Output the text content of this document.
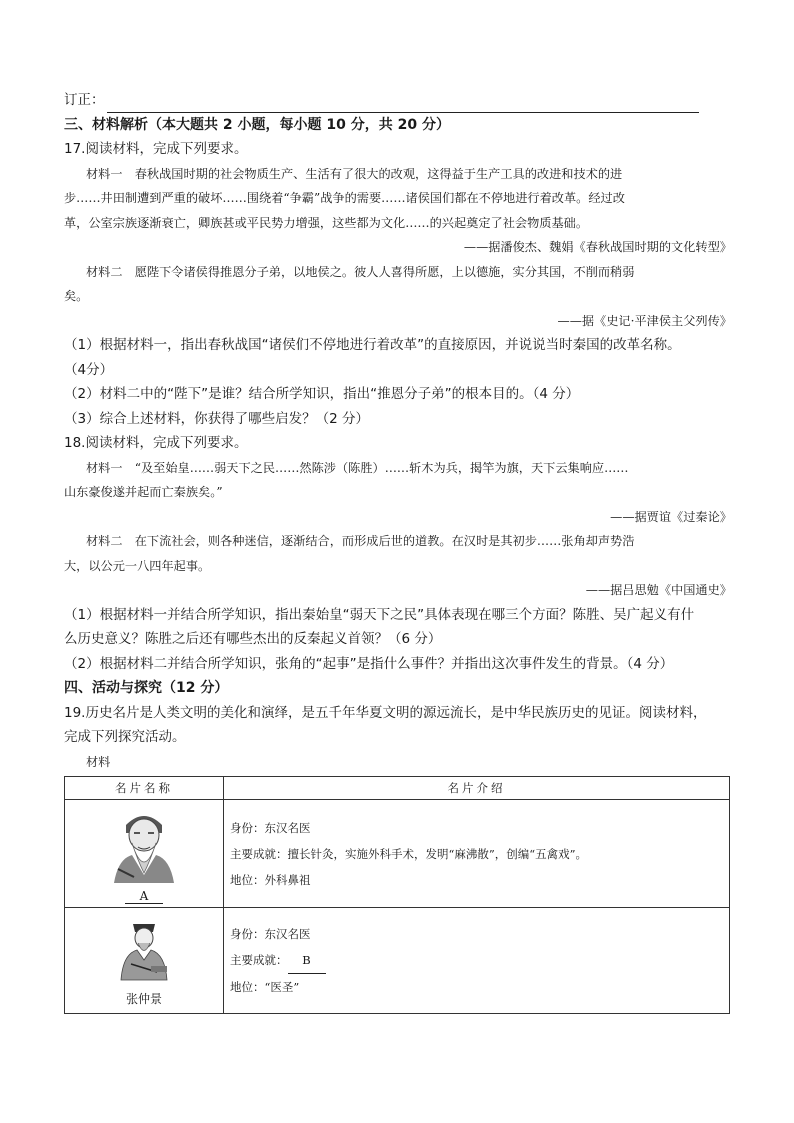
订正：
三、材料解析（本大题共 2 小题，每小题 10 分，共 20 分）
17.阅读材料，完成下列要求。
材料一　春秋战国时期的社会物质生产、生活有了很大的改观，这得益于生产工具的改进和技术的进
步……井田制遭到严重的破坏……围绕着“争霸”战争的需要……诸侯国们都在不停地进行着改革。经过改
革，公室宗族逐渐衰亡，卿族甚或平民势力增强，这些都为文化……的兴起奠定了社会物质基础。
——据潘俊杰、魏娟《春秋战国时期的文化转型》
材料二　愿陛下令诸侯得推恩分子弟，以地侯之。彼人人喜得所愿，上以德施，实分其国，不削而稍弱
矣。
——据《史记·平津侯主父列传》
（1）根据材料一，指出春秋战国“诸侯们不停地进行着改革”的直接原因，并说说当时秦国的改革名称。
（4分）
（2）材料二中的“陛下”是谁？结合所学知识，指出“推恩分子弟”的根本目的。（4 分）
（3）综合上述材料，你获得了哪些启发？（2 分）
18.阅读材料，完成下列要求。
材料一　“及至始皇……弱天下之民……然陈涉（陈胜）……斩木为兵，揭竿为旗，天下云集响应……
山东豪俊遂并起而亡秦族矣。”
——据贾谊《过秦论》
材料二　在下流社会，则各种迷信，逐渐结合，而形成后世的道教。在汉时是其初步……张角却声势浩
大，以公元一八四年起事。
——据吕思勉《中国通史》
（1）根据材料一并结合所学知识，指出秦始皇“弱天下之民”具体表现在哪三个方面？陈胜、吴广起义有什
么历史意义？陈胜之后还有哪些杰出的反秦起义首领？（6 分）
（2）根据材料二并结合所学知识，张角的“起事”是指什么事件？并指出这次事件发生的背景。（4 分）
四、活动与探究（12 分）
19.历史名片是人类文明的美化和演绎，是五千年华夏文明的源远流长，是中华民族历史的见证。阅读材料，
完成下列探究活动。
材料
名片名称	名片介绍

A	身份：东汉名医
主要成就：擅长针灸，实施外科手术，发明“麻沸散”，创编“五禽戏”。
地位：外科鼻祖

张仲景	身份：东汉名医
主要成就： B
地位：“医圣”
